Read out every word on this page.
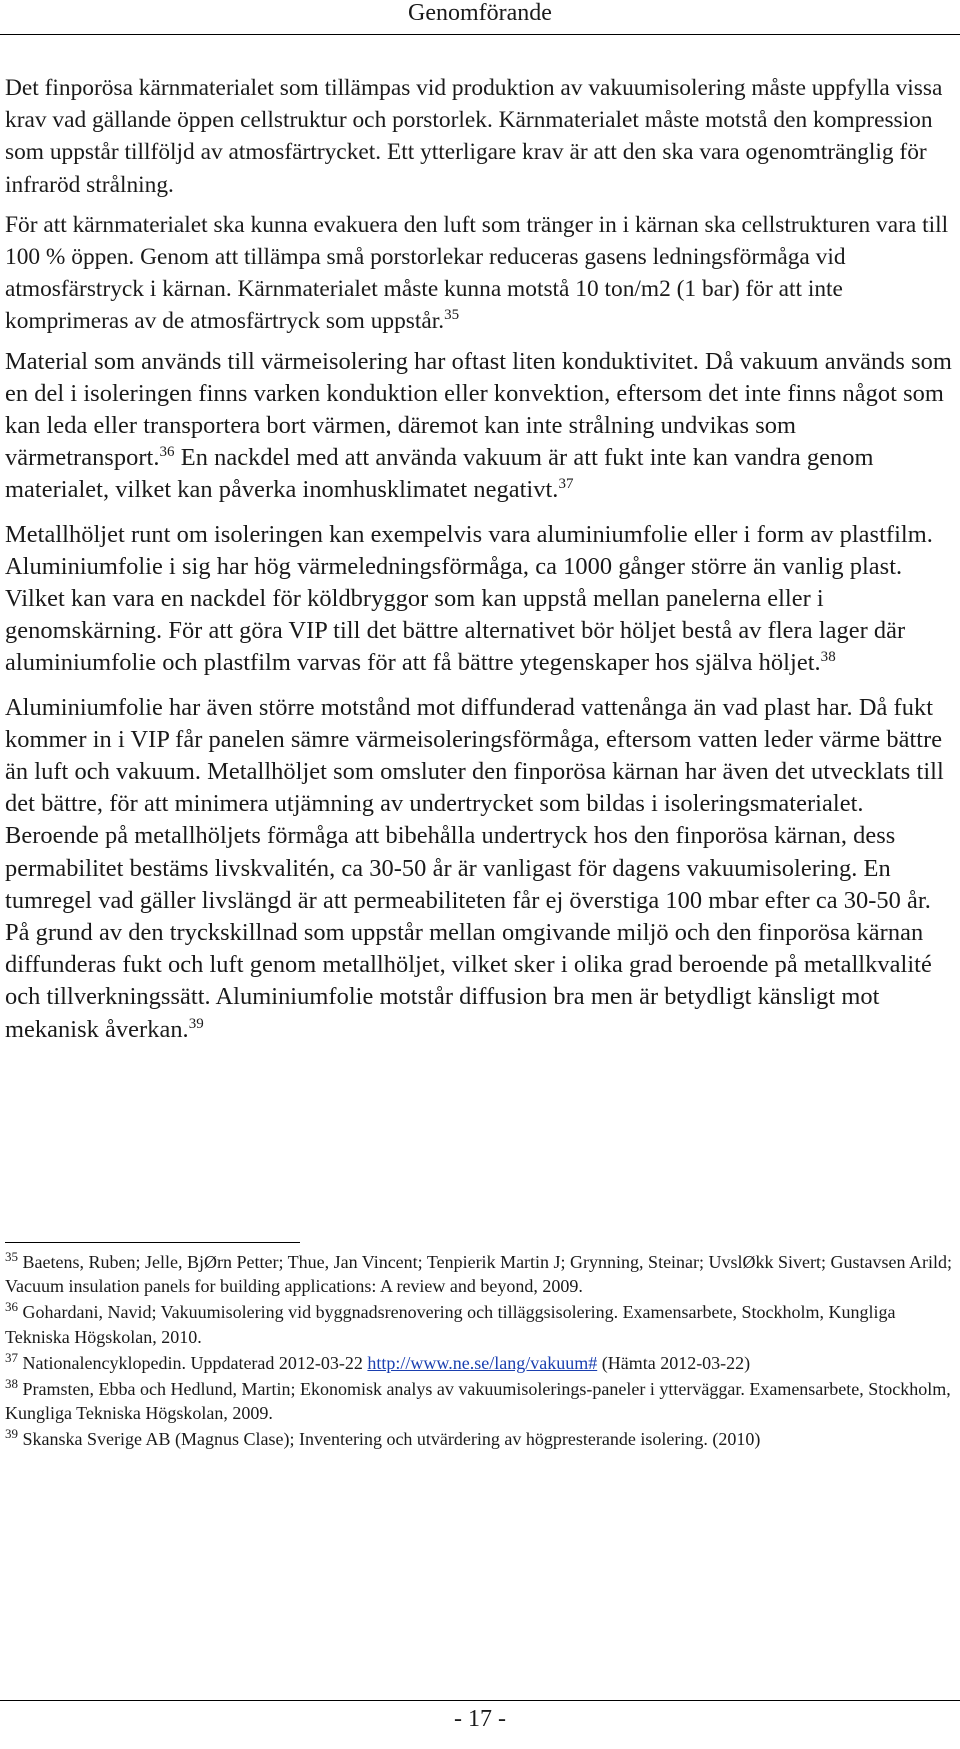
Genomförande

Det finporösa kärnmaterialet som tillämpas vid produktion av vakuumisolering måste uppfylla vissa krav vad gällande öppen cellstruktur och porstorlek. Kärnmaterialet måste motstå den kompression som uppstår tillföljd av atmosfärtrycket. Ett ytterligare krav är att den ska vara ogenomtränglig för infraröd strålning.

För att kärnmaterialet ska kunna evakuera den luft som tränger in i kärnan ska cellstrukturen vara till 100 % öppen. Genom att tillämpa små porstorlekar reduceras gasens ledningsförmåga vid atmosfärstryck i kärnan. Kärnmaterialet måste kunna motstå 10 ton/m2 (1 bar) för att inte komprimeras av de atmosfärtryck som uppstår.$^{35}$

Material som används till värmeisolering har oftast liten konduktivitet. Då vakuum används som en del i isoleringen finns varken konduktion eller konvektion, eftersom det inte finns något som kan leda eller transportera bort värmen, däremot kan inte strålning undvikas som värmetransport.$^{36}$ En nackdel med att använda vakuum är att fukt inte kan vandra genom materialet, vilket kan påverka inomhusklimatet negativt.$^{37}$

Metallhöljet runt om isoleringen kan exempelvis vara aluminiumfolie eller i form av plastfilm. Aluminiumfolie i sig har hög värmeledningsförmåga, ca 1000 gånger större än vanlig plast. Vilket kan vara en nackdel för köldbryggor som kan uppstå mellan panelerna eller i genomskärning. För att göra VIP till det bättre alternativet bör höljet bestå av flera lager där aluminiumfolie och plastfilm varvas för att få bättre ytegenskaper hos själva höljet.$^{38}$

Aluminiumfolie har även större motstånd mot diffunderad vattenånga än vad plast har. Då fukt kommer in i VIP får panelen sämre värmeisoleringsförmåga, eftersom vatten leder värme bättre än luft och vakuum. Metallhöljet som omsluter den finporösa kärnan har även det utvecklats till det bättre, för att minimera utjämning av undertrycket som bildas i isoleringsmaterialet. Beroende på metallhöljets förmåga att bibehålla undertryck hos den finporösa kärnan, dess permabilitet bestäms livskvalitén, ca 30-50 år är vanligast för dagens vakuumisolering. En tumregel vad gäller livslängd är att permeabiliteten får ej överstiga 100 mbar efter ca 30-50 år. På grund av den tryckskillnad som uppstår mellan omgivande miljö och den finporösa kärnan diffunderas fukt och luft genom metallhöljet, vilket sker i olika grad beroende på metallkvalité och tillverkningssätt. Aluminiumfolie motstår diffusion bra men är betydligt känsligt mot mekanisk åverkan.$^{39}$

$^{35}$ Baetens, Ruben; Jelle, BjØrn Petter; Thue, Jan Vincent; Tenpierik Martin J; Grynning, Steinar; UvslØkk Sivert; Gustavsen Arild; Vacuum insulation panels for building applications: A review and beyond, 2009.

$^{36}$ Gohardani, Navid; Vakuumisolering vid byggnadsrenovering och tilläggsisolering. Examensarbete, Stockholm, Kungliga Tekniska Högskolan, 2010.

$^{37}$ Nationalencyklopedin. Uppdaterad 2012-03-22 http://www.ne.se/lang/vakuum# (Hämta 2012-03-22)

$^{38}$ Pramsten, Ebba och Hedlund, Martin; Ekonomisk analys av vakuumisolerings-paneler i ytterväggar. Examensarbete, Stockholm, Kungliga Tekniska Högskolan, 2009.

$^{39}$ Skanska Sverige AB (Magnus Clase); Inventering och utvärdering av högpresterande isolering. (2010)

- 17 -
